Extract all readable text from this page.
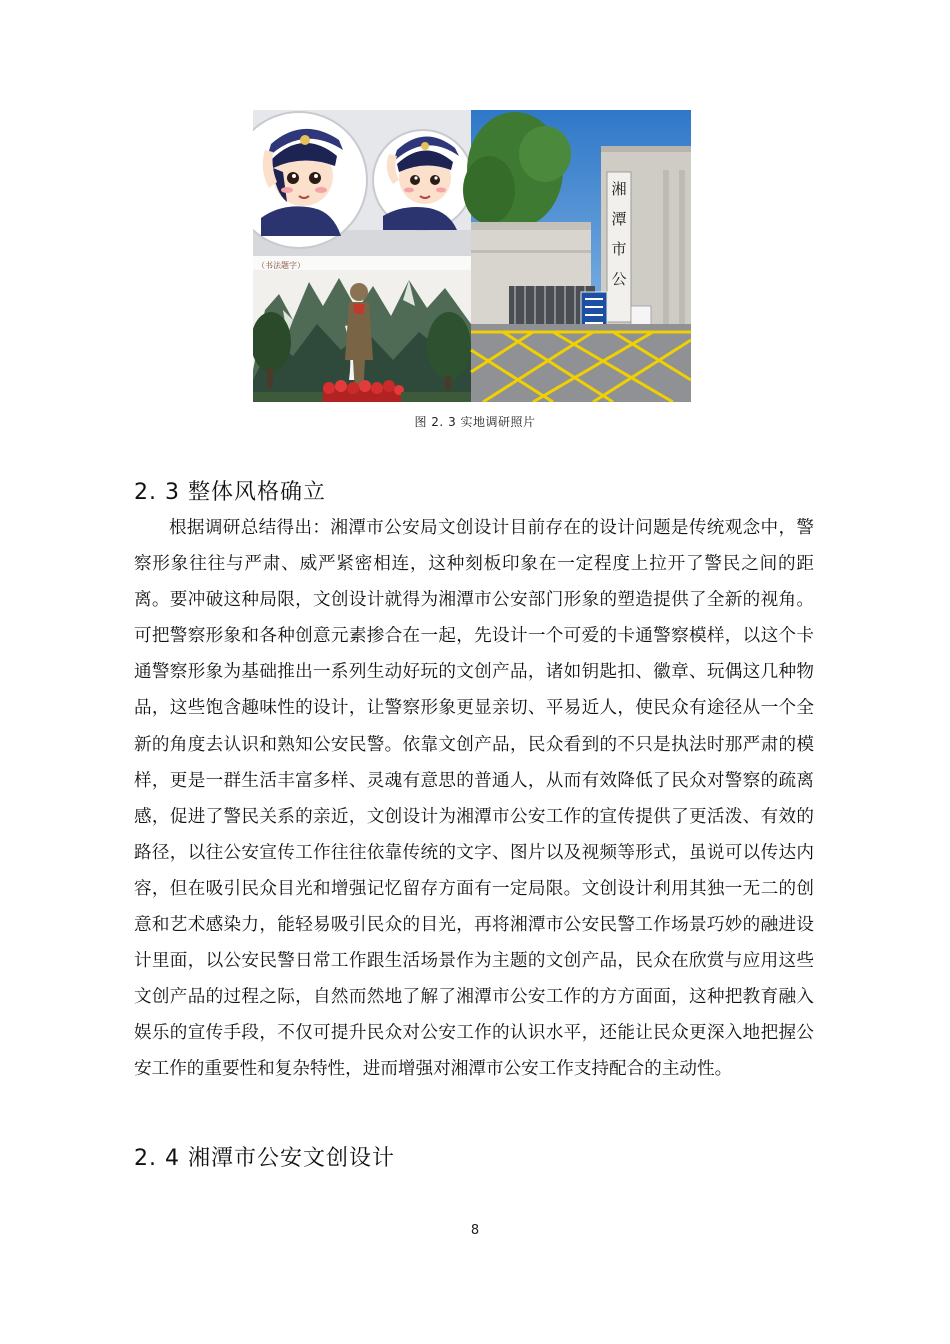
（书法题字）
湘潭市公
图 2. 3 实地调研照片
2. 3 整体风格确立

根据调研总结得出：湘潭市公安局文创设计目前存在的设计问题是传统观念中，警察形象往往与严肃、威严紧密相连，这种刻板印象在一定程度上拉开了警民之间的距离。要冲破这种局限，文创设计就得为湘潭市公安部门形象的塑造提供了全新的视角。可把警察形象和各种创意元素掺合在一起，先设计一个可爱的卡通警察模样，以这个卡通警察形象为基础推出一系列生动好玩的文创产品，诸如钥匙扣、徽章、玩偶这几种物品，这些饱含趣味性的设计，让警察形象更显亲切、平易近人，使民众有途径从一个全新的角度去认识和熟知公安民警。依靠文创产品，民众看到的不只是执法时那严肃的模样，更是一群生活丰富多样、灵魂有意思的普通人，从而有效降低了民众对警察的疏离感，促进了警民关系的亲近，文创设计为湘潭市公安工作的宣传提供了更活泼、有效的路径，以往公安宣传工作往往依靠传统的文字、图片以及视频等形式，虽说可以传达内容，但在吸引民众目光和增强记忆留存方面有一定局限。文创设计利用其独一无二的创意和艺术感染力，能轻易吸引民众的目光，再将湘潭市公安民警工作场景巧妙的融进设计里面，以公安民警日常工作跟生活场景作为主题的文创产品，民众在欣赏与应用这些文创产品的过程之际，自然而然地了解了湘潭市公安工作的方方面面，这种把教育融入娱乐的宣传手段，不仅可提升民众对公安工作的认识水平，还能让民众更深入地把握公安工作的重要性和复杂特性，进而增强对湘潭市公安工作支持配合的主动性。

2. 4 湘潭市公安文创设计
8
